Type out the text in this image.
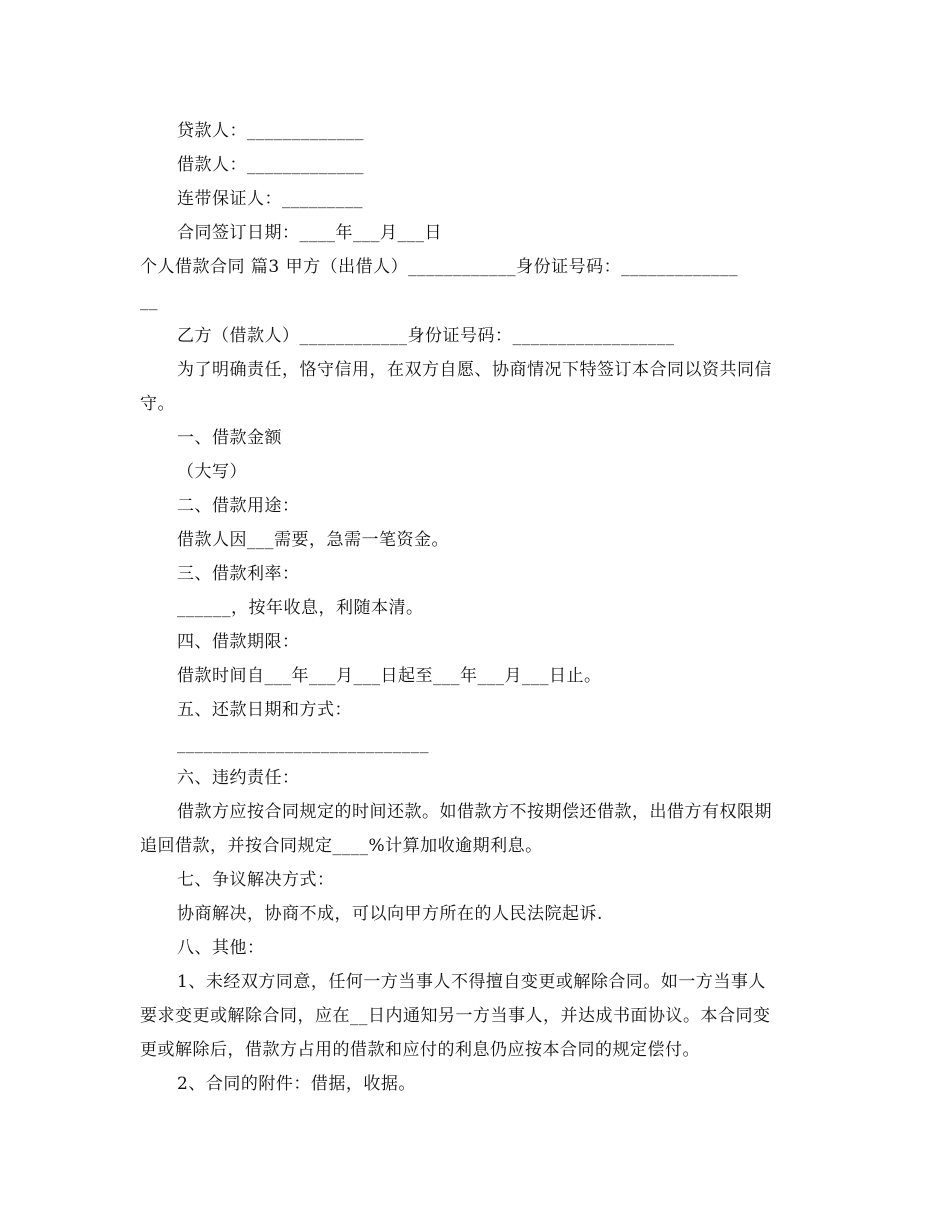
贷款人：_____________
借款人：_____________
连带保证人：_________
合同签订日期：____年___月___日
个人借款合同 篇3 甲方（出借人）____________身份证号码：_____________
__
乙方（借款人）____________身份证号码：__________________
为了明确责任，恪守信用，在双方自愿、协商情况下特签订本合同以资共同信
守。
一、借款金额
（大写）
二、借款用途：
借款人因___需要，急需一笔资金。
三、借款利率：
______，按年收息，利随本清。
四、借款期限：
借款时间自___年___月___日起至___年___月___日止。
五、还款日期和方式：
____________________________
六、违约责任：
借款方应按合同规定的时间还款。如借款方不按期偿还借款，出借方有权限期
追回借款，并按合同规定____%计算加收逾期利息。
七、争议解决方式：
协商解决，协商不成，可以向甲方所在的人民法院起诉.
八、其他：
1、未经双方同意，任何一方当事人不得擅自变更或解除合同。如一方当事人
要求变更或解除合同，应在__日内通知另一方当事人，并达成书面协议。本合同变
更或解除后，借款方占用的借款和应付的利息仍应按本合同的规定偿付。
2、合同的附件：借据，收据。
